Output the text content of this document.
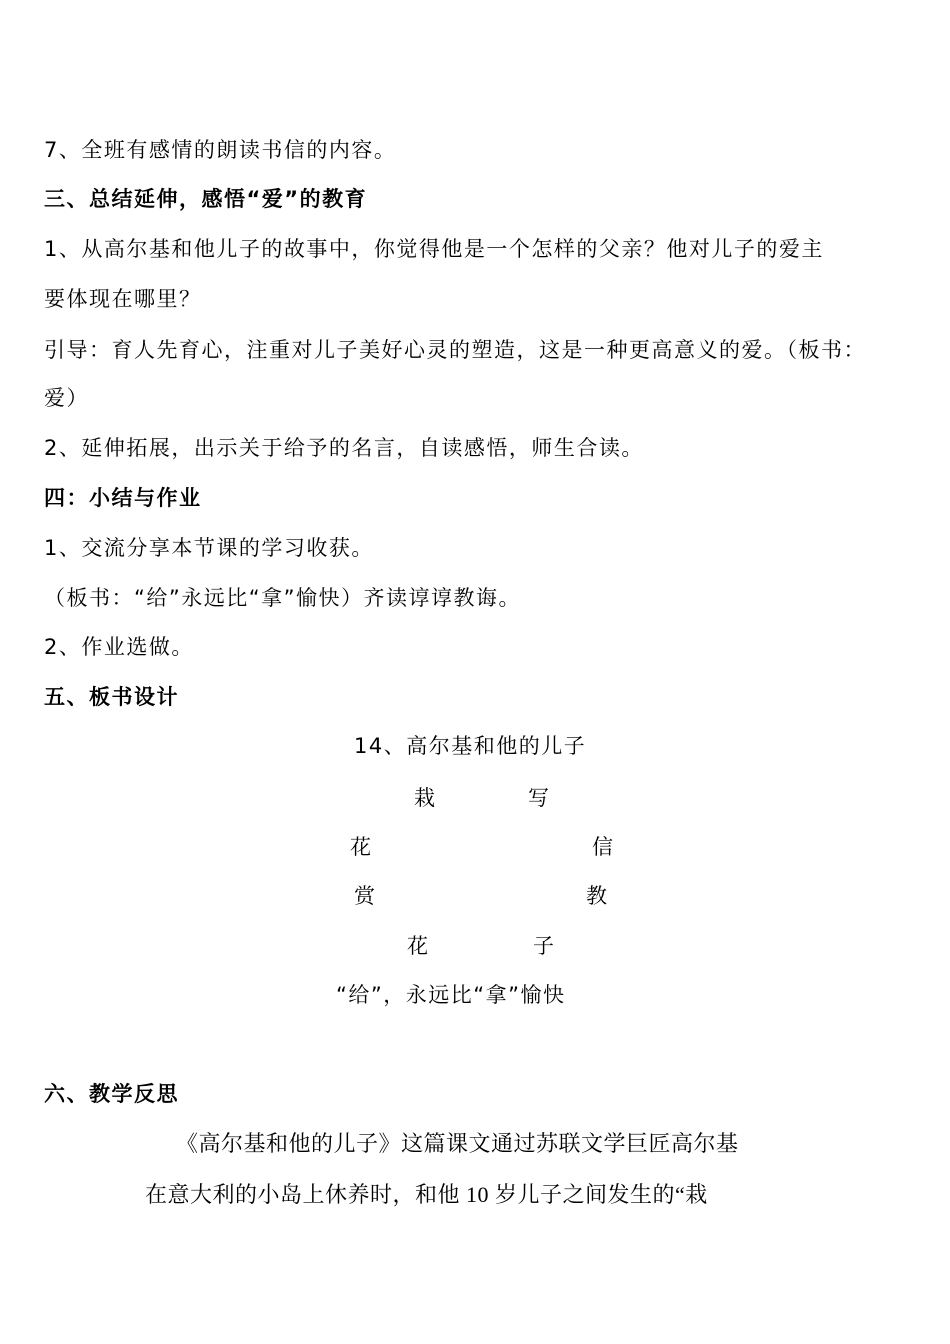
7、全班有感情的朗读书信的内容。
三、总结延伸，感悟“爱”的教育
1、从高尔基和他儿子的故事中，你觉得他是一个怎样的父亲？他对儿子的爱主
要体现在哪里？
引导：育人先育心，注重对儿子美好心灵的塑造，这是一种更高意义的爱。（板书：
爱）
2、延伸拓展，出示关于给予的名言，自读感悟，师生合读。
四：小结与作业
1、交流分享本节课的学习收获。
（板书：“给”永远比“拿”愉快）齐读谆谆教诲。
2、作业选做。
五、板书设计
14、高尔基和他的儿子
栽	写
花	信
赏	教
花	子
“给”，永远比“拿”愉快
六、教学反思
《高尔基和他的儿子》这篇课文通过苏联文学巨匠高尔基
在意大利的小岛上休养时，和他 10 岁儿子之间发生的“栽
